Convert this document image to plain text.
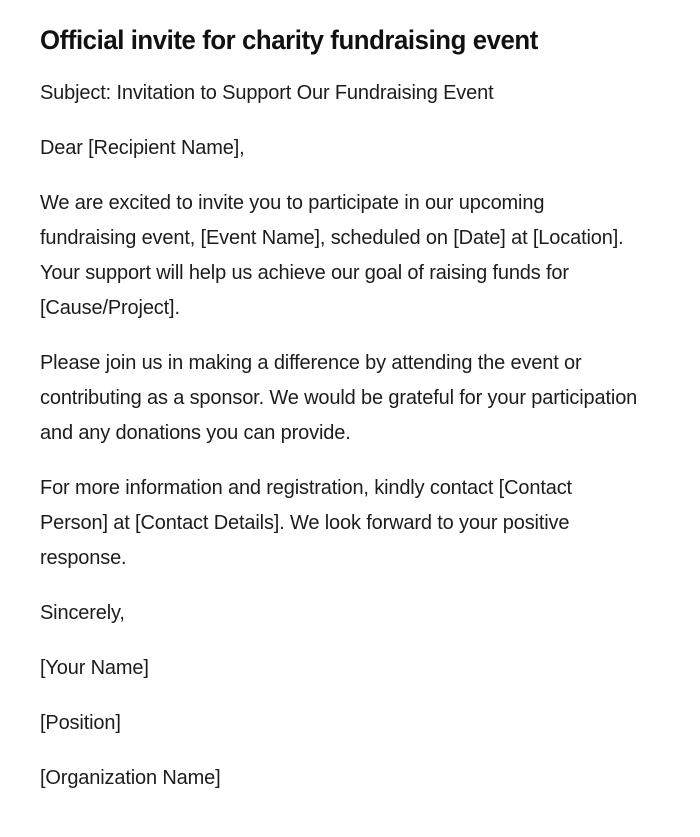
Official invite for charity fundraising event

Subject: Invitation to Support Our Fundraising Event

Dear [Recipient Name],

We are excited to invite you to participate in our upcoming fundraising event, [Event Name], scheduled on [Date] at [Location]. Your support will help us achieve our goal of raising funds for [Cause/Project].

Please join us in making a difference by attending the event or contributing as a sponsor. We would be grateful for your participation and any donations you can provide.

For more information and registration, kindly contact [Contact Person] at [Contact Details]. We look forward to your positive response.

Sincerely,

[Your Name]

[Position]

[Organization Name]
